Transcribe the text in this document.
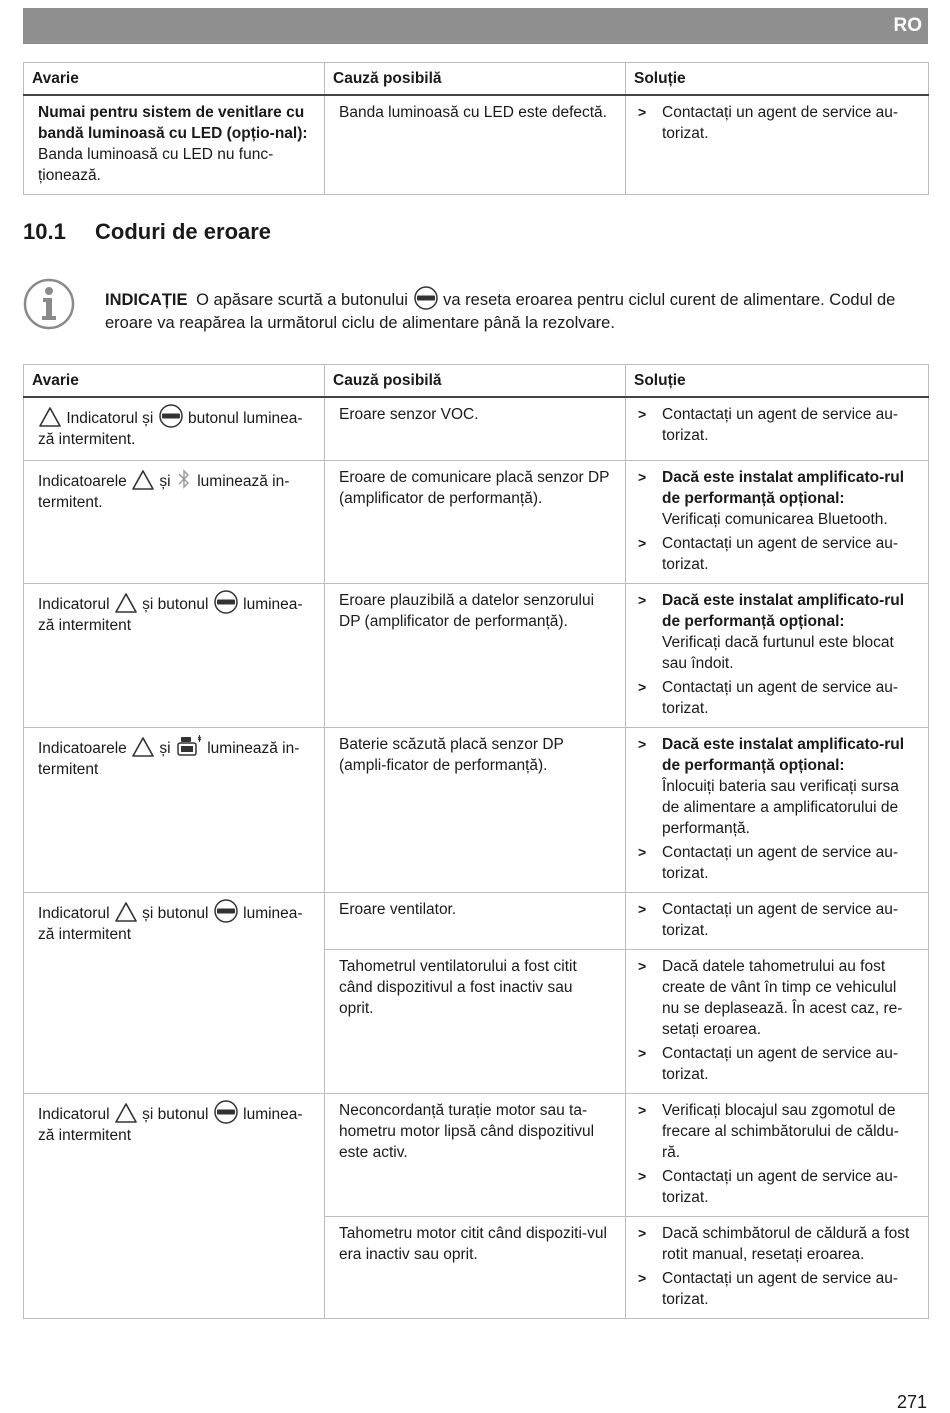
RO
Avarie	Cauză posibilă	Soluție
Numai pentru sistem de venitlare cu bandă luminoasă cu LED (opțio-nal): Banda luminoasă cu LED nu func-ționează.	Banda luminoasă cu LED este defectă.	> Contactați un agent de service au-torizat.
10.1 Coduri de eroare
INDICAȚIE O apăsare scurtă a butonului va reseta eroarea pentru ciclul curent de alimentare. Codul de eroare va reapărea la următorul ciclu de alimentare până la rezolvare.
Avarie	Cauză posibilă	Soluție
Indicatorul și butonul luminea-ză intermitent.	Eroare senzor VOC.	> Contactați un agent de service au-torizat.

Indicatoarele și luminează in-termitent.	Eroare de comunicare placă senzor DP (amplificator de performanță).	> Dacă este instalat amplificato-rul de performanță opțional:
Verificați comunicarea Bluetooth.
> Contactați un agent de service au-torizat.

Indicatorul și butonul luminea-ză intermitent	Eroare plauzibilă a datelor senzorului DP (amplificator de performanță).	> Dacă este instalat amplificato-rul de performanță opțional:
Verificați dacă furtunul este blocat sau îndoit.
> Contactați un agent de service au-torizat.

Indicatoarele și luminează in-termitent	Baterie scăzută placă senzor DP (ampli-ficator de performanță).	> Dacă este instalat amplificato-rul de performanță opțional:
Înlocuiți bateria sau verificați sursa de alimentare a amplificatorului de performanță.
> Contactați un agent de service au-torizat.

Indicatorul și butonul luminea-ză intermitent	Eroare ventilator.	> Contactați un agent de service au-torizat.

	Tahometrul ventilatorului a fost citit când dispozitivul a fost inactiv sau oprit.	> Dacă datele tahometrului au fost create de vânt în timp ce vehiculul nu se deplasează. În acest caz, re-setați eroarea.
> Contactați un agent de service au-torizat.

Indicatorul și butonul luminea-ză intermitent	Neconcordanță turație motor sau ta-hometru motor lipsă când dispozitivul este activ.	> Verificați blocajul sau zgomotul de frecare al schimbătorului de căldu-ră.
> Contactați un agent de service au-torizat.

	Tahometru motor citit când dispoziti-vul era inactiv sau oprit.	> Dacă schimbătorul de căldură a fost rotit manual, resetați eroarea.
> Contactați un agent de service au-torizat.
271
